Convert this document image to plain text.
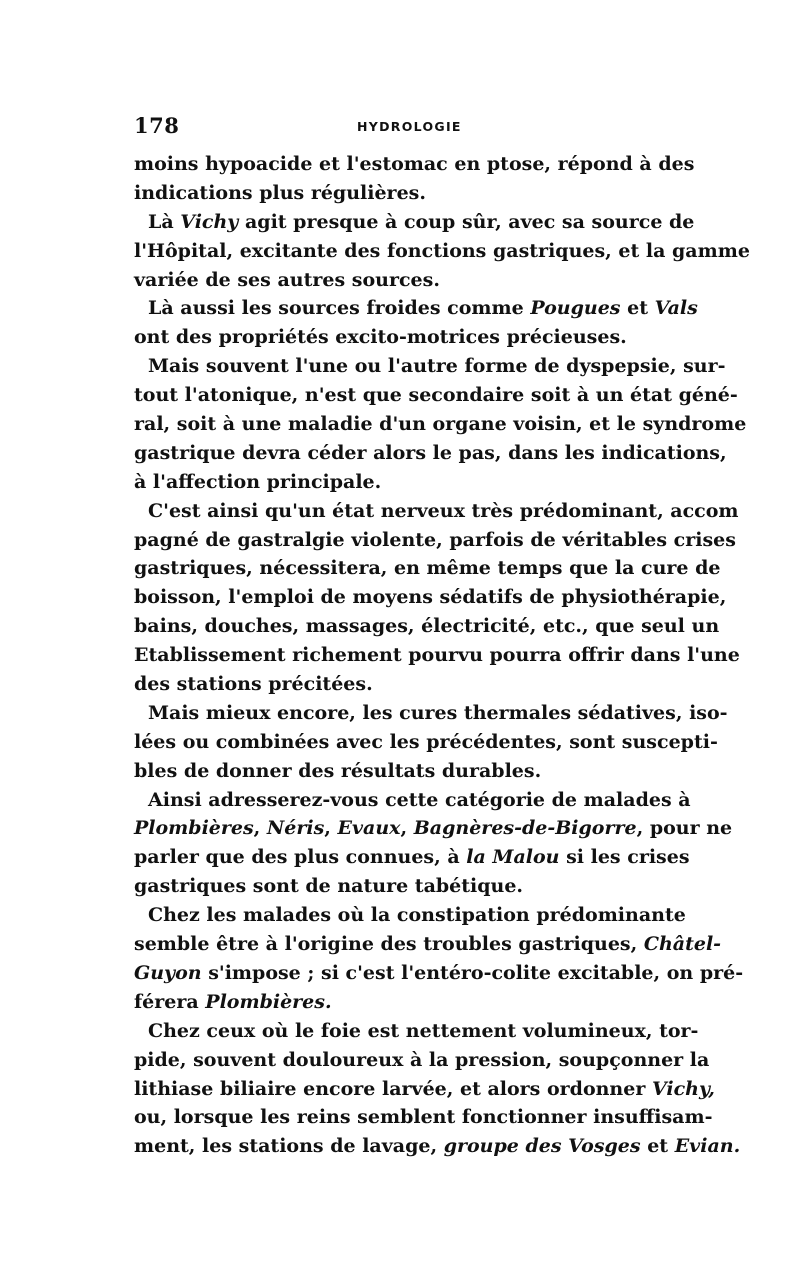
178	HYDROLOGIE
moins hypoacide et l'estomac en ptose, répond à des
indications plus régulières.
Là Vichy agit presque à coup sûr, avec sa source de
l'Hôpital, excitante des fonctions gastriques, et la gamme
variée de ses autres sources.
Là aussi les sources froides comme Pougues et Vals
ont des propriétés excito-motrices précieuses.
Mais souvent l'une ou l'autre forme de dyspepsie, sur-
tout l'atonique, n'est que secondaire soit à un état géné-
ral, soit à une maladie d'un organe voisin, et le syndrome
gastrique devra céder alors le pas, dans les indications,
à l'affection principale.
C'est ainsi qu'un état nerveux très prédominant, accom
pagné de gastralgie violente, parfois de véritables crises
gastriques, nécessitera, en même temps que la cure de
boisson, l'emploi de moyens sédatifs de physiothérapie,
bains, douches, massages, électricité, etc., que seul un
Etablissement richement pourvu pourra offrir dans l'une
des stations précitées.
Mais mieux encore, les cures thermales sédatives, iso-
lées ou combinées avec les précédentes, sont suscepti-
bles de donner des résultats durables.
Ainsi adresserez-vous cette catégorie de malades à
Plombières, Néris, Evaux, Bagnères-de-Bigorre, pour ne
parler que des plus connues, à la Malou si les crises
gastriques sont de nature tabétique.
Chez les malades où la constipation prédominante
semble être à l'origine des troubles gastriques, Châtel-
Guyon s'impose ; si c'est l'entéro-colite excitable, on pré-
férera Plombières.
Chez ceux où le foie est nettement volumineux, tor-
pide, souvent douloureux à la pression, soupçonner la
lithiase biliaire encore larvée, et alors ordonner Vichy,
ou, lorsque les reins semblent fonctionner insuffisam-
ment, les stations de lavage, groupe des Vosges et Evian.
